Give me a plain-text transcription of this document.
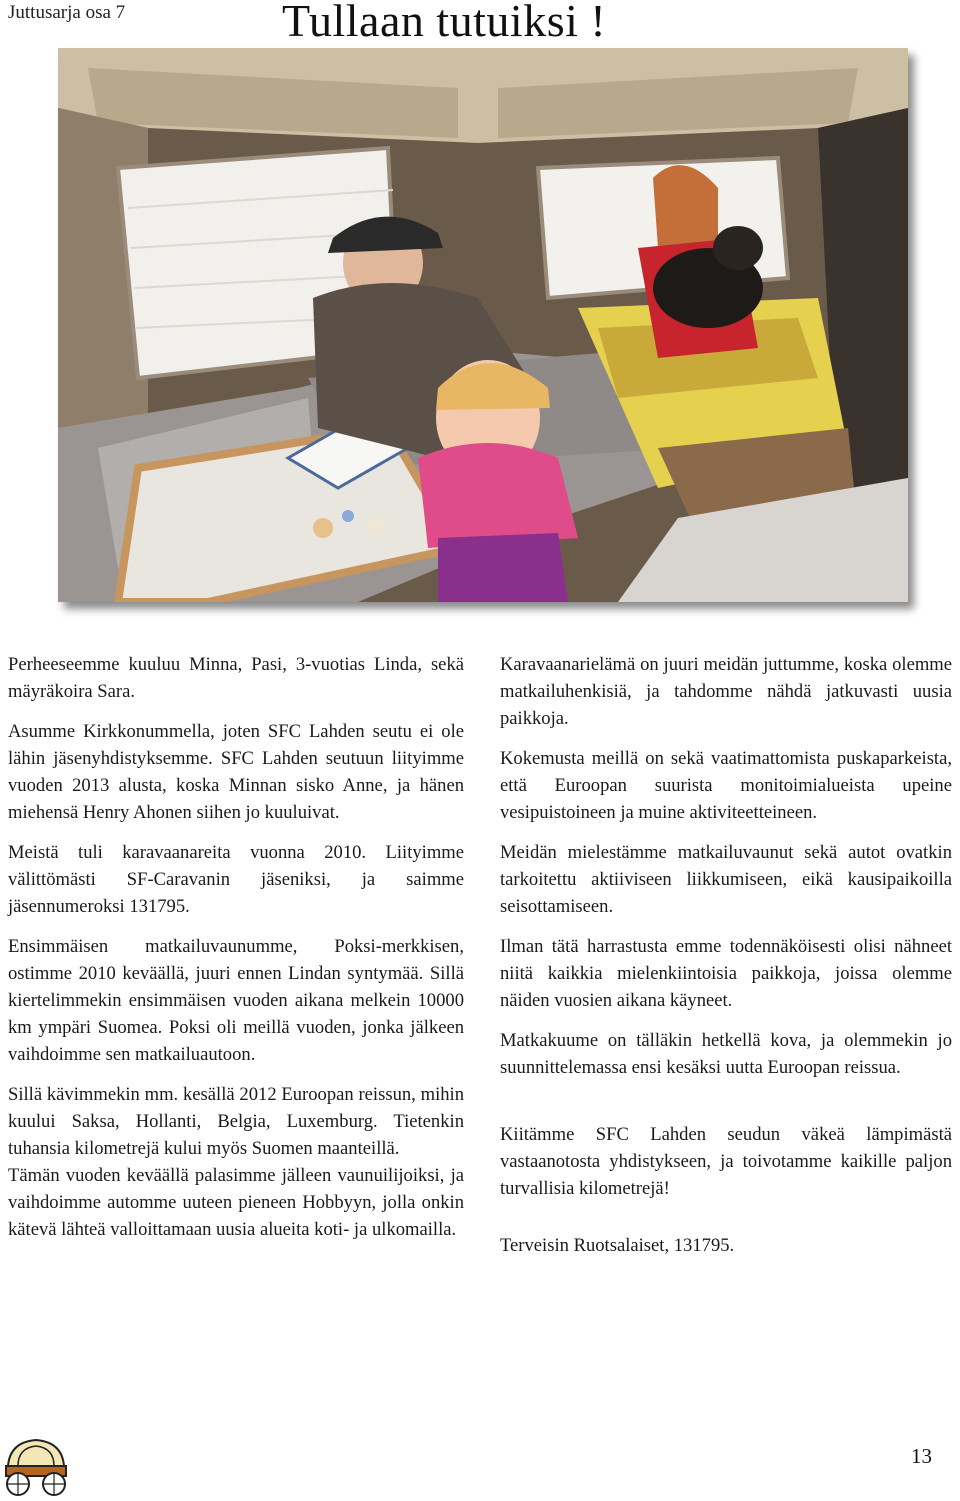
Juttusarja osa 7	Tullaan tutuiksi !

Perheeseemme kuuluu Minna, Pasi, 3-vuotias Linda, sekä mäyräkoira Sara.

Asumme Kirkkonummella, joten SFC Lahden seutu ei ole lähin jäsenyhdistyksemme. SFC Lahden seutuun liityimme vuoden 2013 alusta, koska Minnan sisko Anne, ja hänen miehensä Henry Ahonen siihen jo kuuluivat.

Meistä tuli karavaanareita vuonna 2010. Liityimme välittömästi SF-Caravanin jäseniksi, ja saimme jäsennumeroksi 131795.

Ensimmäisen matkailuvaunumme, Poksi-merkkisen, ostimme 2010 keväällä, juuri ennen Lindan syntymää. Sillä kiertelimmekin ensimmäisen vuoden aikana melkein 10000 km ympäri Suomea. Poksi oli meillä vuoden, jonka jälkeen vaihdoimme sen matkailuautoon.

Sillä kävimmekin mm. kesällä 2012 Euroopan reissun, mihin kuului Saksa, Hollanti, Belgia, Luxemburg. Tietenkin tuhansia kilometrejä kului myös Suomen maanteillä.

Tämän vuoden keväällä palasimme jälleen vaunuilijoiksi, ja vaihdoimme automme uuteen pieneen Hobbyyn, jolla onkin kätevä lähteä valloittamaan uusia alueita koti- ja ulkomailla.

Karavaanarielämä on juuri meidän juttumme, koska olemme matkailuhenkisiä, ja tahdomme nähdä jatkuvasti uusia paikkoja.

Kokemusta meillä on sekä vaatimattomista puskaparkeista, että Euroopan suurista monitoimialueista upeine vesipuistoineen ja muine aktiviteetteineen.

Meidän mielestämme matkailuvaunut sekä autot ovatkin tarkoitettu aktiiviseen liikkumiseen, eikä kausipaikoilla seisottamiseen.

Ilman tätä harrastusta emme todennäköisesti olisi nähneet niitä kaikkia mielenkiintoisia paikkoja, joissa olemme näiden vuosien aikana käyneet.

Matkakuume on tälläkin hetkellä kova, ja olemmekin jo suunnittelemassa ensi kesäksi uutta Euroopan reissua.

Kiitämme SFC Lahden seudun väkeä lämpimästä vastaanotosta yhdistykseen, ja toivotamme kaikille paljon turvallisia kilometrejä!

Terveisin Ruotsalaiset, 131795.

13
